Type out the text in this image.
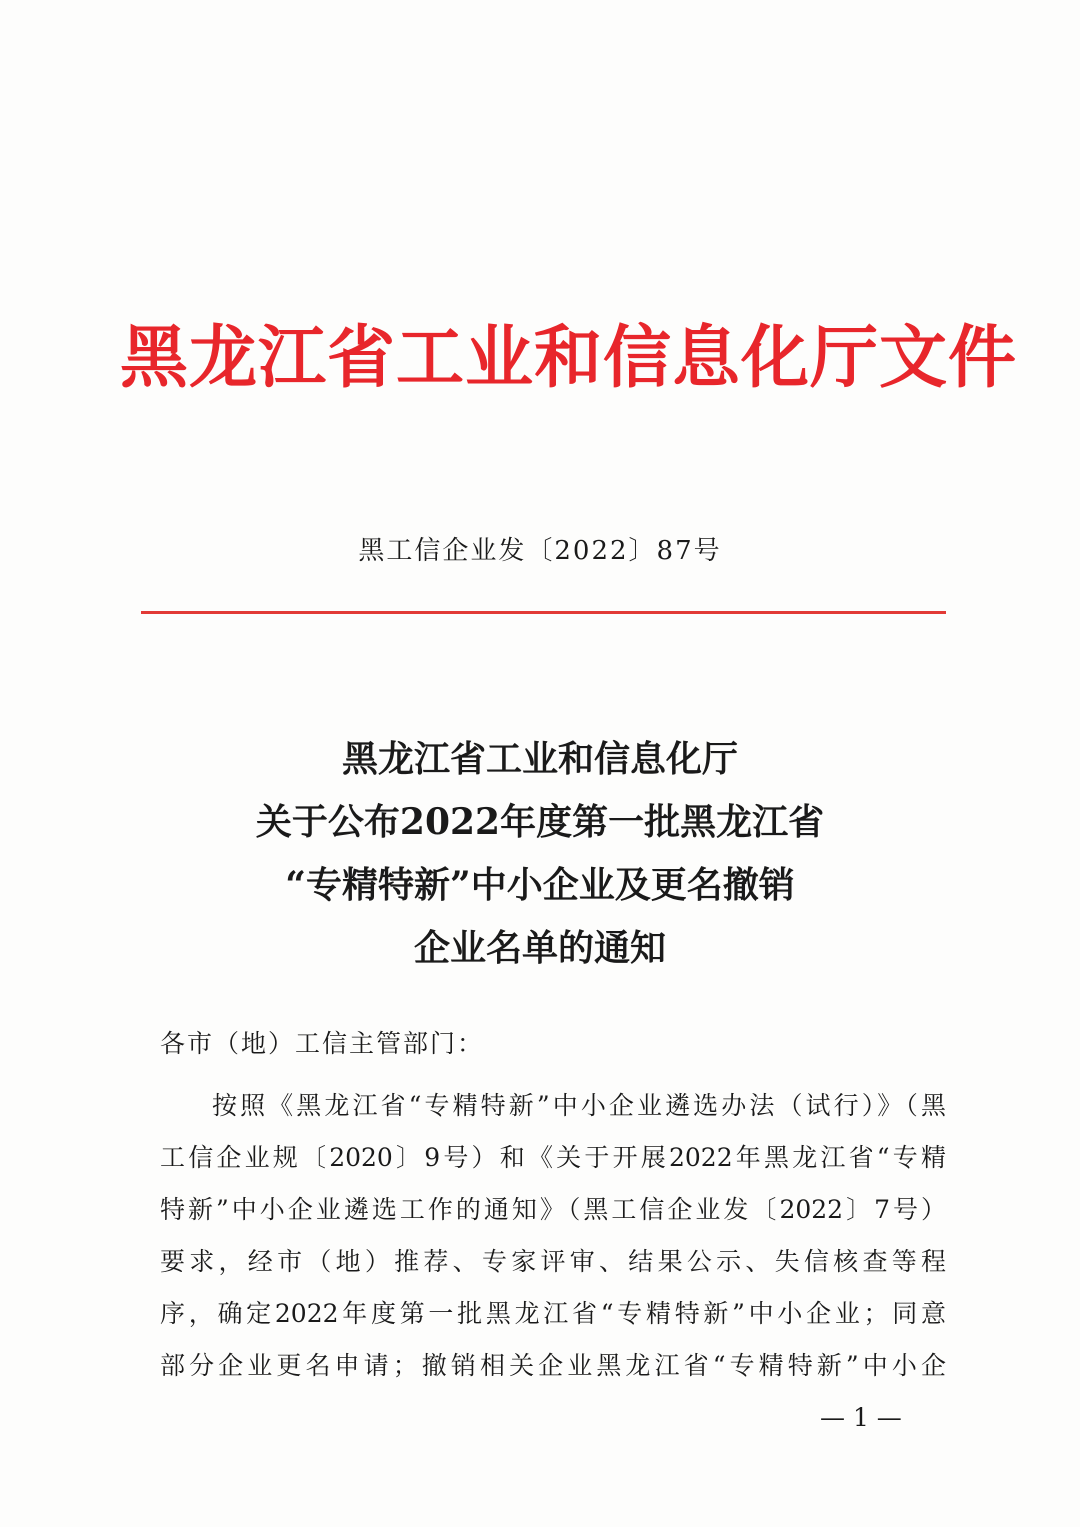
黑龙江省工业和信息化厅文件
黑工信企业发〔2022〕87号
黑龙江省工业和信息化厅
关于公布2022年度第一批黑龙江省
“专精特新”中小企业及更名撤销
企业名单的通知
各市（地）工信主管部门：
按照《黑龙江省“专精特新”中小企业遴选办法（试行）》（黑
工信企业规〔2020〕9号）和《关于开展2022年黑龙江省“专精
特新”中小企业遴选工作的通知》（黑工信企业发〔2022〕7号）
要求，经市（地）推荐、专家评审、结果公示、失信核查等程
序，确定2022年度第一批黑龙江省“专精特新”中小企业；同意
部分企业更名申请；撤销相关企业黑龙江省“专精特新”中小企
— 1 —
